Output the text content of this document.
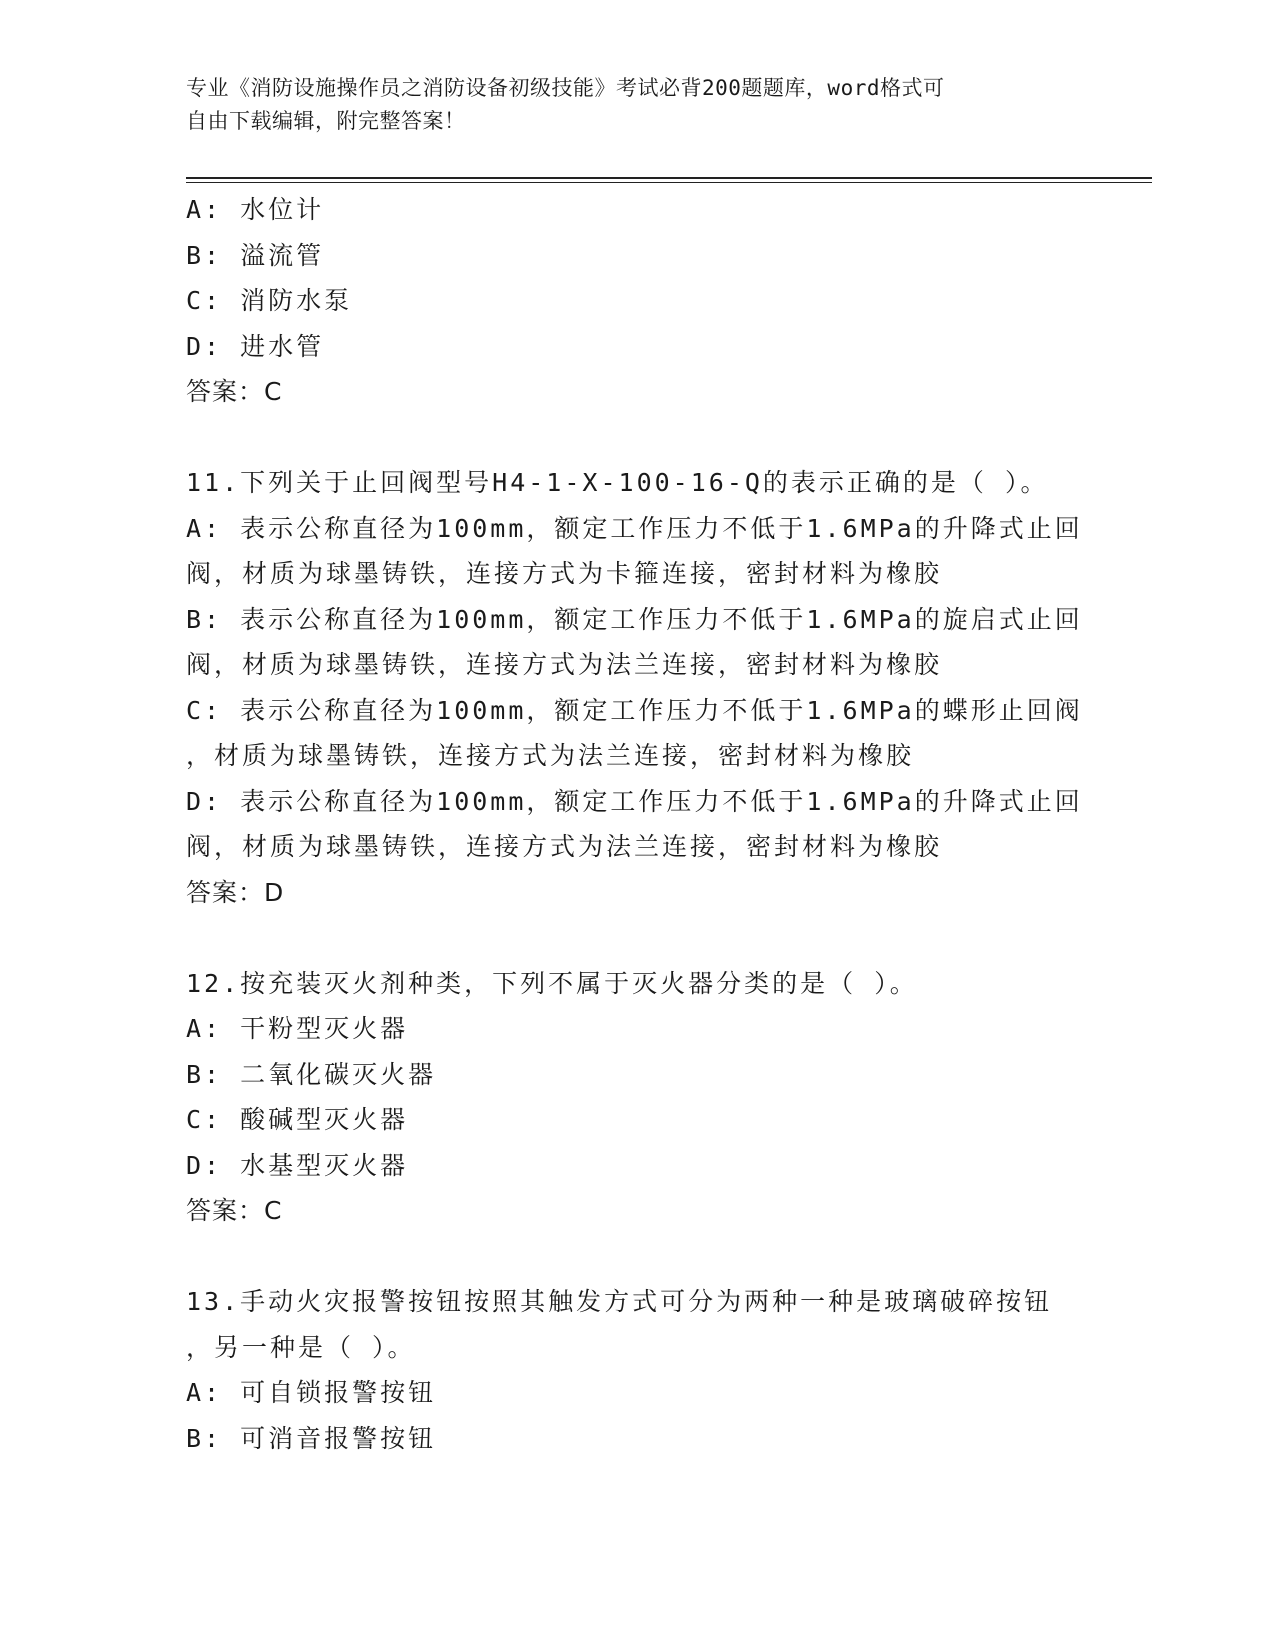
专业《消防设施操作员之消防设备初级技能》考试必背200题题库，word格式可
自由下载编辑，附完整答案！
A: 水位计
B: 溢流管
C: 消防水泵
D: 进水管
答案：C
11.下列关于止回阀型号H4-1-X-100-16-Q的表示正确的是（ ）。
A: 表示公称直径为100mm，额定工作压力不低于1.6MPa的升降式止回
阀，材质为球墨铸铁，连接方式为卡箍连接，密封材料为橡胶
B: 表示公称直径为100mm，额定工作压力不低于1.6MPa的旋启式止回
阀，材质为球墨铸铁，连接方式为法兰连接，密封材料为橡胶
C: 表示公称直径为100mm，额定工作压力不低于1.6MPa的蝶形止回阀
，材质为球墨铸铁，连接方式为法兰连接，密封材料为橡胶
D: 表示公称直径为100mm，额定工作压力不低于1.6MPa的升降式止回
阀，材质为球墨铸铁，连接方式为法兰连接，密封材料为橡胶
答案：D
12.按充装灭火剂种类，下列不属于灭火器分类的是（ ）。
A: 干粉型灭火器
B: 二氧化碳灭火器
C: 酸碱型灭火器
D: 水基型灭火器
答案：C
13.手动火灾报警按钮按照其触发方式可分为两种一种是玻璃破碎按钮
，另一种是（ ）。
A: 可自锁报警按钮
B: 可消音报警按钮
